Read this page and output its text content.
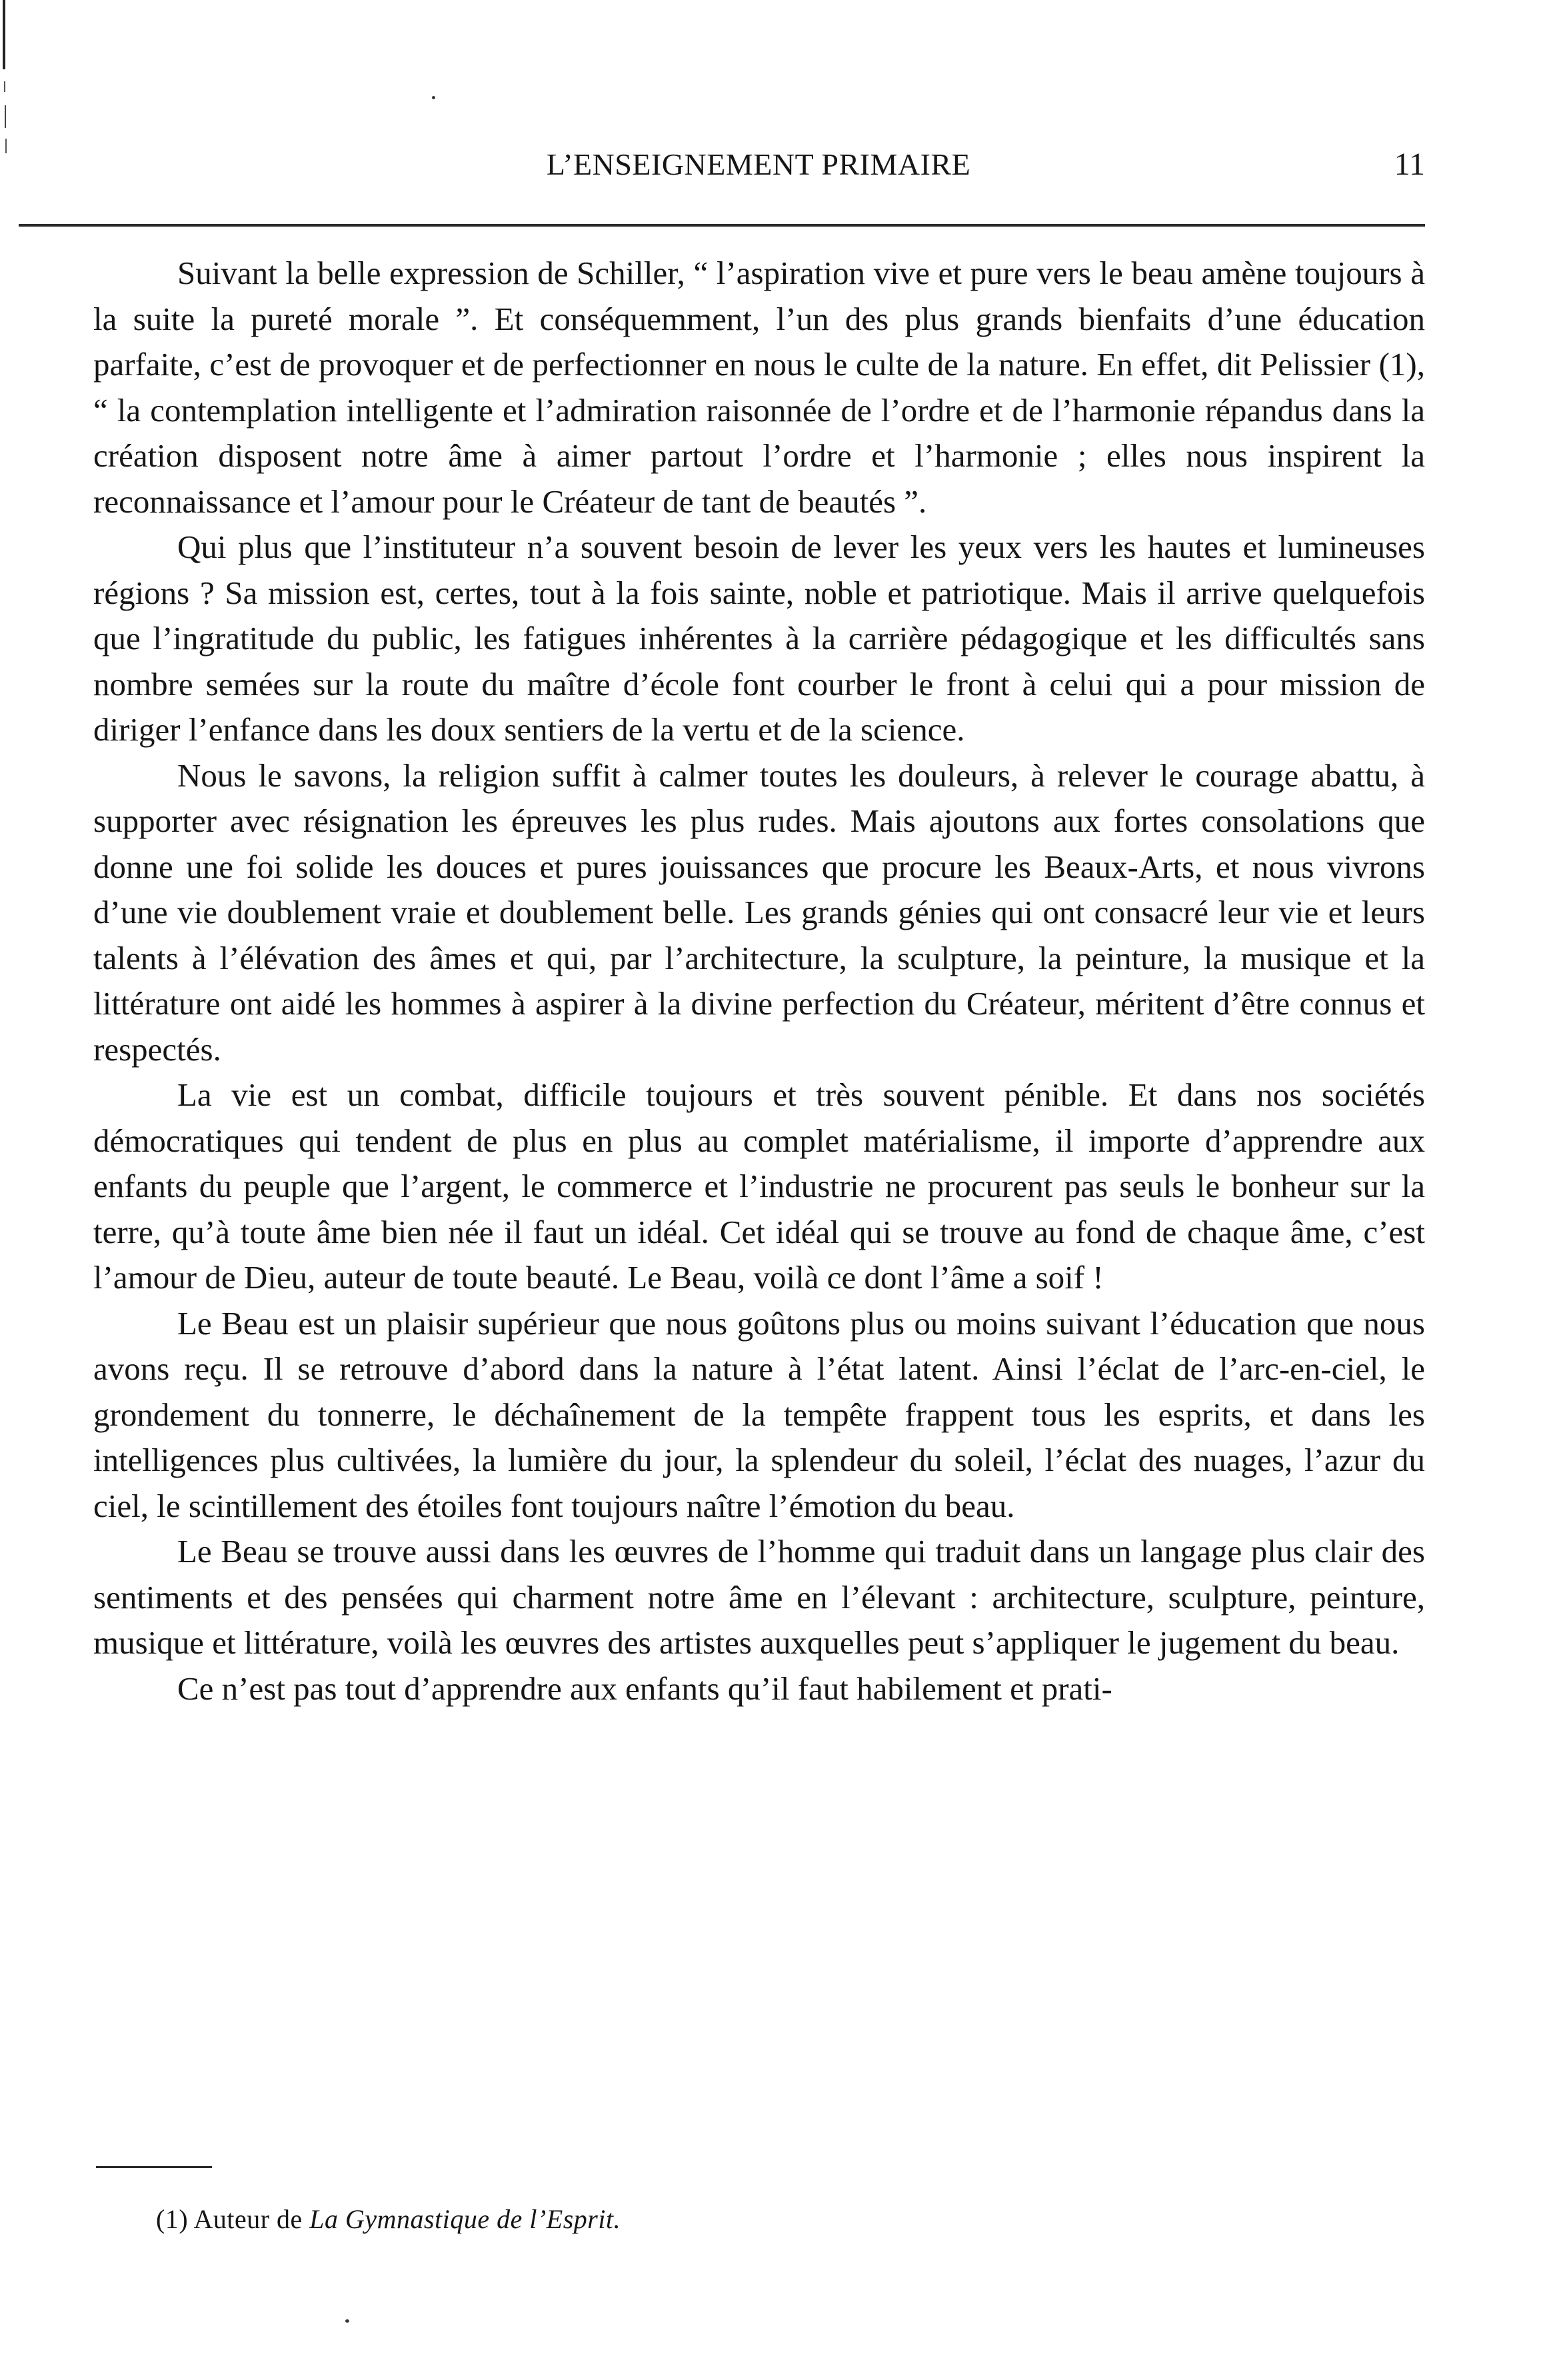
L’ENSEIGNEMENT PRIMAIRE	11

Suivant la belle expression de Schiller, “ l’aspiration vive et pure vers le beau amène toujours à la suite la pureté morale ”. Et conséquemment, l’un des plus grands bienfaits d’une éducation parfaite, c’est de provoquer et de perfectionner en nous le culte de la nature. En effet, dit Pelissier (1), “ la contemplation intelligente et l’admiration raisonnée de l’ordre et de l’harmonie répandus dans la création disposent notre âme à aimer partout l’ordre et l’harmonie ; elles nous inspirent la reconnaissance et l’amour pour le Créateur de tant de beautés ”.

Qui plus que l’instituteur n’a souvent besoin de lever les yeux vers les hautes et lumineuses régions ? Sa mission est, certes, tout à la fois sainte, noble et patriotique. Mais il arrive quelquefois que l’ingratitude du public, les fatigues inhérentes à la carrière pédagogique et les difficultés sans nombre semées sur la route du maître d’école font courber le front à celui qui a pour mission de diriger l’enfance dans les doux sentiers de la vertu et de la science.

Nous le savons, la religion suffit à calmer toutes les douleurs, à relever le courage abattu, à supporter avec résignation les épreuves les plus rudes. Mais ajoutons aux fortes consolations que donne une foi solide les douces et pures jouissances que procure les Beaux-Arts, et nous vivrons d’une vie doublement vraie et doublement belle. Les grands génies qui ont consacré leur vie et leurs talents à l’élévation des âmes et qui, par l’architecture, la sculpture, la peinture, la musique et la littérature ont aidé les hommes à aspirer à la divine perfection du Créateur, méritent d’être connus et respectés.

La vie est un combat, difficile toujours et très souvent pénible. Et dans nos sociétés démocratiques qui tendent de plus en plus au complet matérialisme, il importe d’apprendre aux enfants du peuple que l’argent, le commerce et l’industrie ne procurent pas seuls le bonheur sur la terre, qu’à toute âme bien née il faut un idéal. Cet idéal qui se trouve au fond de chaque âme, c’est l’amour de Dieu, auteur de toute beauté. Le Beau, voilà ce dont l’âme a soif !

Le Beau est un plaisir supérieur que nous goûtons plus ou moins suivant l’éducation que nous avons reçu. Il se retrouve d’abord dans la nature à l’état latent. Ainsi l’éclat de l’arc-en-ciel, le grondement du tonnerre, le déchaînement de la tempête frappent tous les esprits, et dans les intelligences plus cultivées, la lumière du jour, la splendeur du soleil, l’éclat des nuages, l’azur du ciel, le scintillement des étoiles font toujours naître l’émotion du beau.

Le Beau se trouve aussi dans les œuvres de l’homme qui traduit dans un langage plus clair des sentiments et des pensées qui charment notre âme en l’élevant : architecture, sculpture, peinture, musique et littérature, voilà les œuvres des artistes auxquelles peut s’appliquer le jugement du beau.

Ce n’est pas tout d’apprendre aux enfants qu’il faut habilement et prati-

(1) Auteur de La Gymnastique de l’Esprit.
